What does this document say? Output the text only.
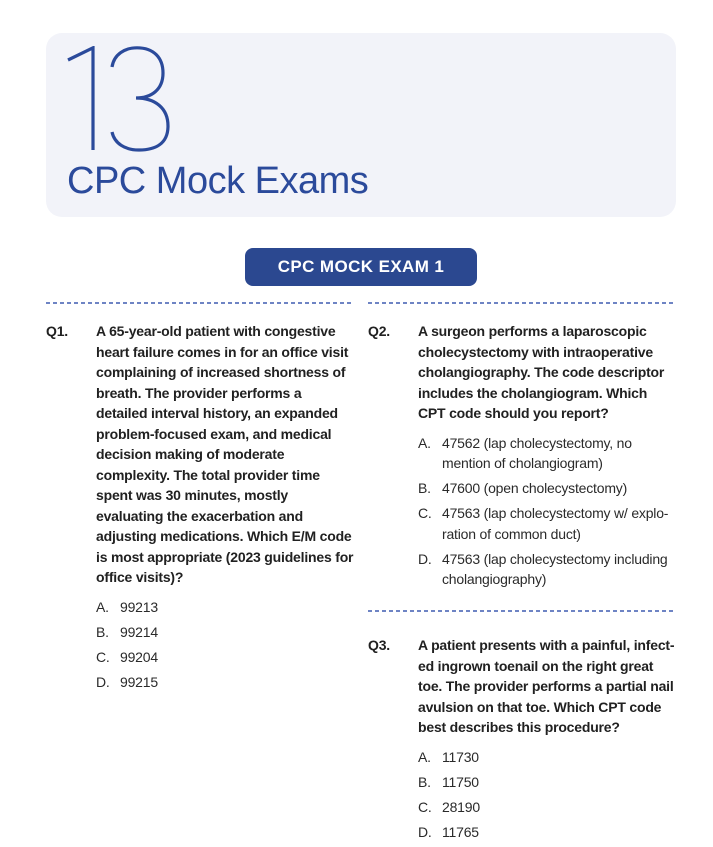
CPC Mock Exams
CPC MOCK EXAM 1
Q1.	A 65-year-old patient with congestive heart failure comes in for an office visit complaining of increased shortness of breath. The provider performs a detailed interval history, an expanded problem-focused exam, and medical decision making of moderate complexity. The total provider time spent was 30 minutes, mostly evaluating the exacerbation and adjusting medications. Which E/M code is most appropriate (2023 guidelines for office visits)?

A. 99213
B. 99214
C. 99204
D. 99215
Q2.	A surgeon performs a laparoscopic cholecystectomy with intraoperative cholangiography. The code descriptor includes the cholangiogram. Which CPT code should you report?

A. 47562 (lap cholecystectomy, no mention of cholangiogram)
B. 47600 (open cholecystectomy)
C. 47563 (lap cholecystectomy w/ exploration of common duct)
D. 47563 (lap cholecystectomy including cholangiography)
Q3.	A patient presents with a painful, infected ingrown toenail on the right great toe. The provider performs a partial nail avulsion on that toe. Which CPT code best describes this procedure?

A. 11730
B. 11750
C. 28190
D. 11765
